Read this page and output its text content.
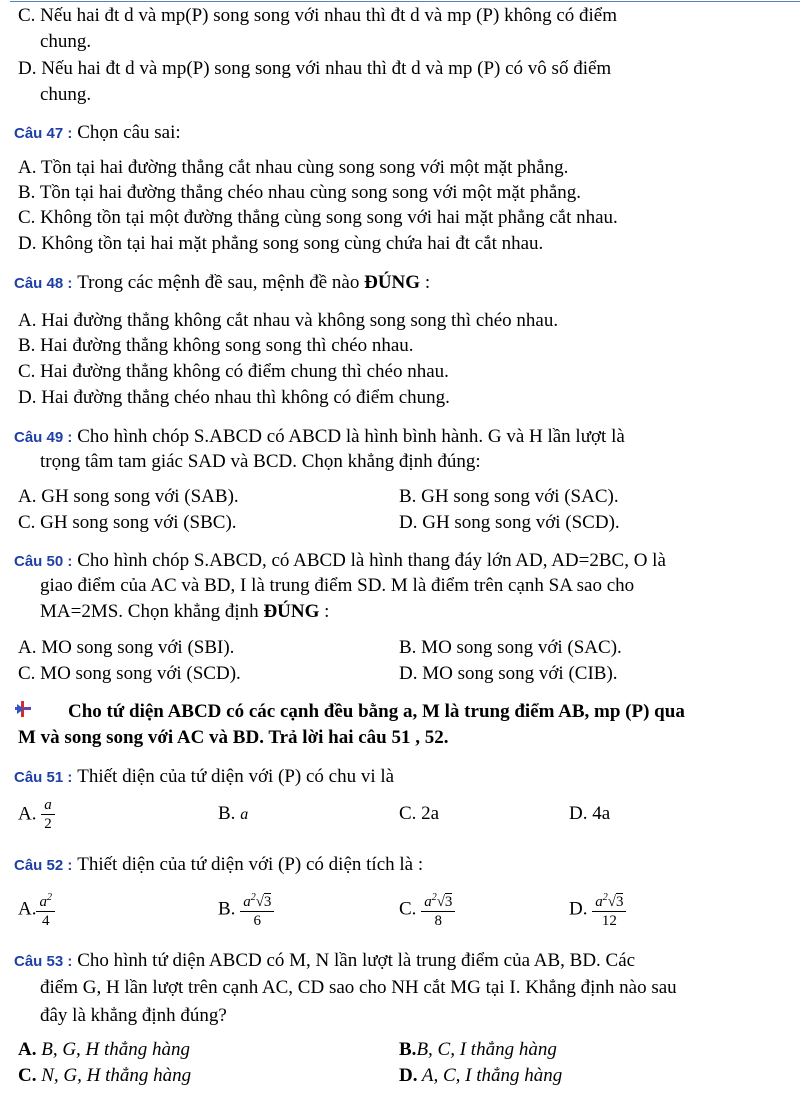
C. Nếu hai đt d và mp(P) song song với nhau thì đt d và mp (P) không có điểm
chung.
D. Nếu hai đt d và mp(P) song song với nhau thì đt d và mp (P) có vô số điểm
chung.
Câu 47 : Chọn câu sai:
A. Tồn tại hai đường thẳng cắt nhau cùng song song với một mặt phẳng.
B. Tồn tại hai đường thẳng chéo nhau cùng song song với một mặt phẳng.
C. Không tồn tại một đường thẳng cùng song song với hai mặt phẳng cắt nhau.
D. Không tồn tại hai mặt phẳng song song cùng chứa hai đt cắt nhau.
Câu 48 : Trong các mệnh đề sau, mệnh đề nào ĐÚNG :
A. Hai đường thẳng không cắt nhau và không song song thì chéo nhau.
B. Hai đường thẳng không song song thì chéo nhau.
C. Hai đường thẳng không có điểm chung thì chéo nhau.
D. Hai đường thẳng chéo nhau thì không có điểm chung.
Câu 49 : Cho hình chóp S.ABCD có ABCD là hình bình hành. G và H lần lượt là
trọng tâm tam giác SAD và BCD. Chọn khẳng định đúng:
A. GH song song với (SAB).	B. GH song song với (SAC).
C. GH song song với (SBC).	D. GH song song với (SCD).
Câu 50 : Cho hình chóp S.ABCD, có ABCD là hình thang đáy lớn AD, AD=2BC, O là
giao điểm của AC và BD, I là trung điểm SD. M là điểm trên cạnh SA sao cho
MA=2MS. Chọn khẳng định ĐÚNG :
A. MO song song với (SBI).	B. MO song song với (SAC).
C. MO song song với (SCD).	D. MO song song với (CIB).
Cho tứ diện ABCD có các cạnh đều bằng a, M là trung điểm AB, mp (P) qua
M và song song với AC và BD. Trả lời hai câu 51 , 52.
Câu 51 : Thiết diện của tứ diện với (P) có chu vi là
A. $\frac{a}{2}$	B. a	C. 2a	D. 4a
Câu 52 : Thiết diện của tứ diện với (P) có diện tích là :
A. $\frac{a^2}{4}$	B. $\frac{a^2√3}{6}$	C. $\frac{a^2√3}{8}$	D. $\frac{a^2√3}{12}$
Câu 53 : Cho hình tứ diện ABCD có M, N lần lượt là trung điểm của AB, BD. Các
điểm G, H lần lượt trên cạnh AC, CD sao cho NH cắt MG tại I. Khẳng định nào sau
đây là khẳng định đúng?
A. B, G, H thẳng hàng	B.B, C, I thẳng hàng
C. N, G, H thẳng hàng	D. A, C, I thẳng hàng
